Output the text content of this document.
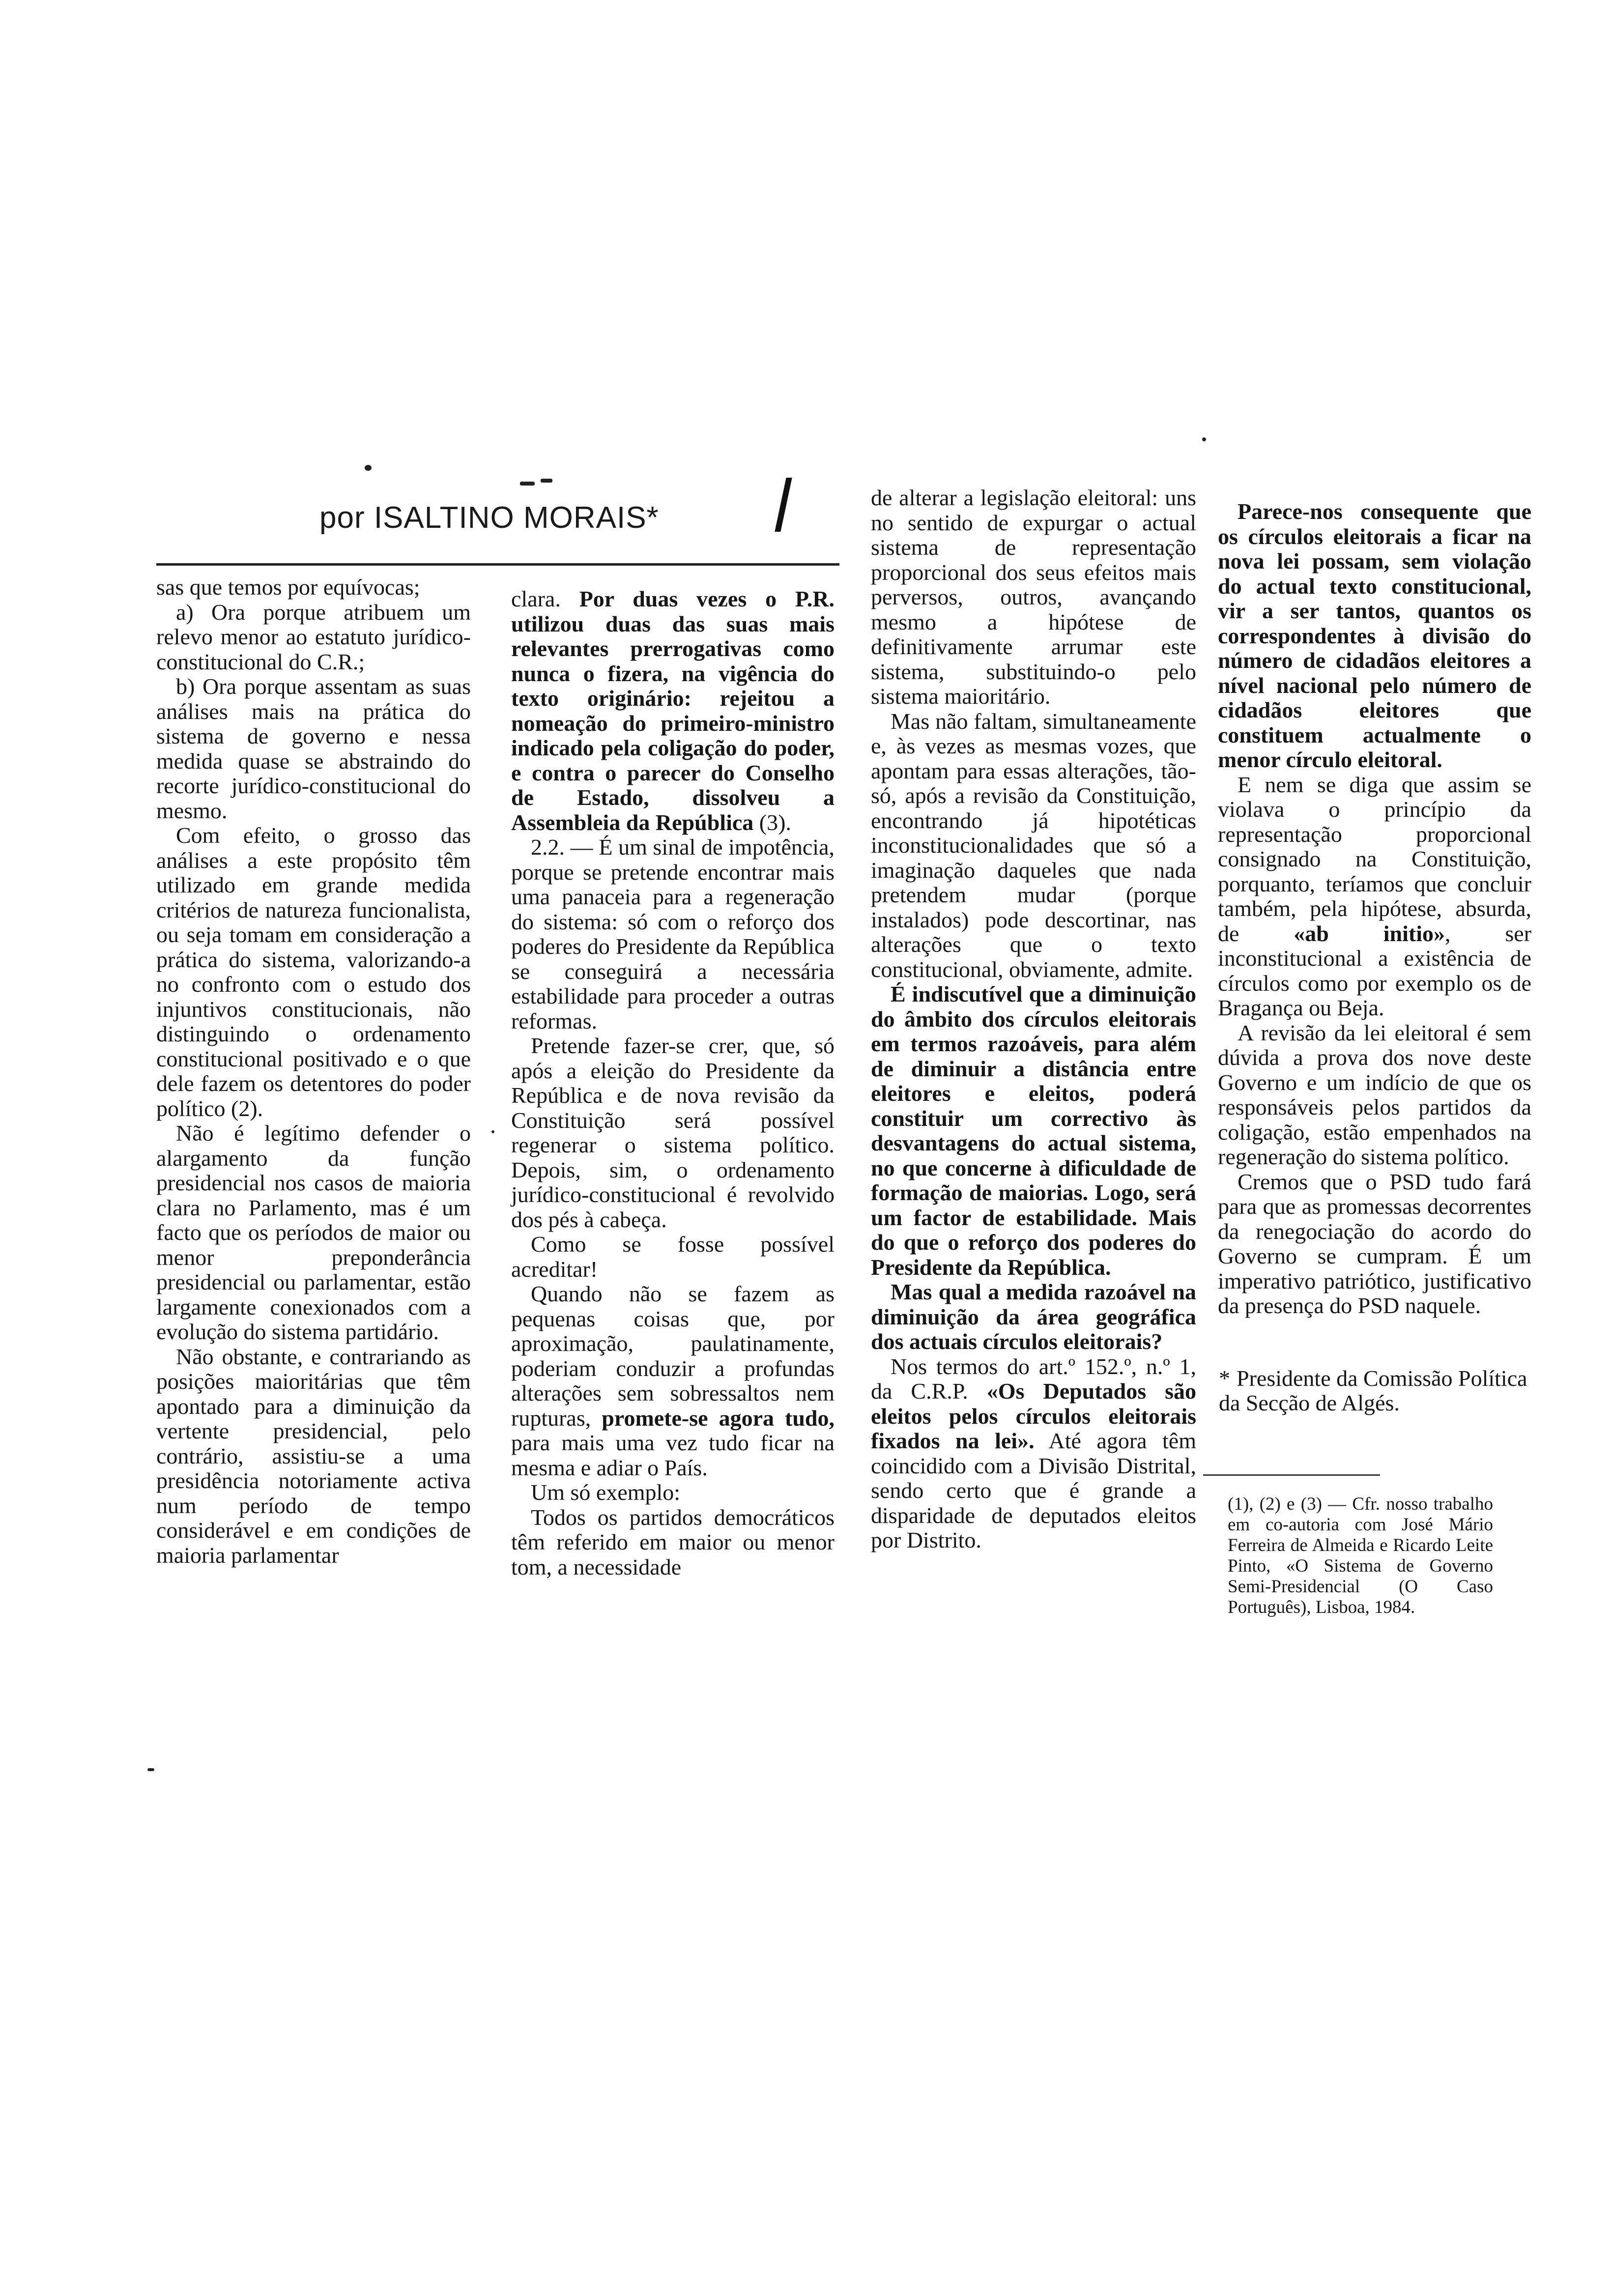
por ISALTINO MORAIS*

sas que temos por equívocas;

a) Ora porque atribuem um relevo menor ao estatuto jurídico-constitucional do C.R.;

b) Ora porque assentam as suas análises mais na prática do sistema de governo e nessa medida quase se abstraindo do recorte jurídico-constitucional do mesmo.

Com efeito, o grosso das análises a este propósito têm utilizado em grande medida critérios de natureza funcionalista, ou seja tomam em consideração a prática do sistema, valorizando-a no confronto com o estudo dos injuntivos constitucionais, não distinguindo o ordenamento constitucional positivado e o que dele fazem os detentores do poder político (2).

Não é legítimo defender o alargamento da função presidencial nos casos de maioria clara no Parlamento, mas é um facto que os períodos de maior ou menor preponderância presidencial ou parlamentar, estão largamente conexionados com a evolução do sistema partidário.

Não obstante, e contrariando as posições maioritárias que têm apontado para a diminuição da vertente presidencial, pelo contrário, assistiu-se a uma presidência notoriamente activa num período de tempo considerável e em condições de maioria parlamentar

clara. Por duas vezes o P.R. utilizou duas das suas mais relevantes prerrogativas como nunca o fizera, na vigência do texto originário: rejeitou a nomeação do primeiro-ministro indicado pela coligação do poder, e contra o parecer do Conselho de Estado, dissolveu a Assembleia da República (3).

2.2. — É um sinal de impotência, porque se pretende encontrar mais uma panaceia para a regeneração do sistema: só com o reforço dos poderes do Presidente da República se conseguirá a necessária estabilidade para proceder a outras reformas.

Pretende fazer-se crer, que, só após a eleição do Presidente da República e de nova revisão da Constituição será possível regenerar o sistema político. Depois, sim, o ordenamento jurídico-constitucional é revolvido dos pés à cabeça.

Como se fosse possível acreditar!

Quando não se fazem as pequenas coisas que, por aproximação, paulatinamente, poderiam conduzir a profundas alterações sem sobressaltos nem rupturas, promete-se agora tudo, para mais uma vez tudo ficar na mesma e adiar o País.

Um só exemplo:

Todos os partidos democráticos têm referido em maior ou menor tom, a necessidade

de alterar a legislação eleitoral: uns no sentido de expurgar o actual sistema de representação proporcional dos seus efeitos mais perversos, outros, avançando mesmo a hipótese de definitivamente arrumar este sistema, substituindo-o pelo sistema maioritário.

Mas não faltam, simultaneamente e, às vezes as mesmas vozes, que apontam para essas alterações, tão-só, após a revisão da Constituição, encontrando já hipotéticas inconstitucionalidades que só a imaginação daqueles que nada pretendem mudar (porque instalados) pode descortinar, nas alterações que o texto constitucional, obviamente, admite.

É indiscutível que a diminuição do âmbito dos círculos eleitorais em termos razoáveis, para além de diminuir a distância entre eleitores e eleitos, poderá constituir um correctivo às desvantagens do actual sistema, no que concerne à dificuldade de formação de maiorias. Logo, será um factor de estabilidade. Mais do que o reforço dos poderes do Presidente da República.

Mas qual a medida razoável na diminuição da área geográfica dos actuais círculos eleitorais?

Nos termos do art.º 152.º, n.º 1, da C.R.P. «Os Deputados são eleitos pelos círculos eleitorais fixados na lei». Até agora têm coincidido com a Divisão Distrital, sendo certo que é grande a disparidade de deputados eleitos por Distrito.

Parece-nos consequente que os círculos eleitorais a ficar na nova lei possam, sem violação do actual texto constitucional, vir a ser tantos, quantos os correspondentes à divisão do número de cidadãos eleitores a nível nacional pelo número de cidadãos eleitores que constituem actualmente o menor círculo eleitoral.

E nem se diga que assim se violava o princípio da representação proporcional consignado na Constituição, porquanto, teríamos que concluir também, pela hipótese, absurda, de «ab initio», ser inconstitucional a existência de círculos como por exemplo os de Bragança ou Beja.

A revisão da lei eleitoral é sem dúvida a prova dos nove deste Governo e um indício de que os responsáveis pelos partidos da coligação, estão empenhados na regeneração do sistema político.

Cremos que o PSD tudo fará para que as promessas decorrentes da renegociação do acordo do Governo se cumpram. É um imperativo patriótico, justificativo da presença do PSD naquele.

* Presidente da Comissão Política da Secção de Algés.
(1), (2) e (3) — Cfr. nosso trabalho em co-autoria com José Mário Ferreira de Almeida e Ricardo Leite Pinto, «O Sistema de Governo Semi-Presidencial (O Caso Português), Lisboa, 1984.
